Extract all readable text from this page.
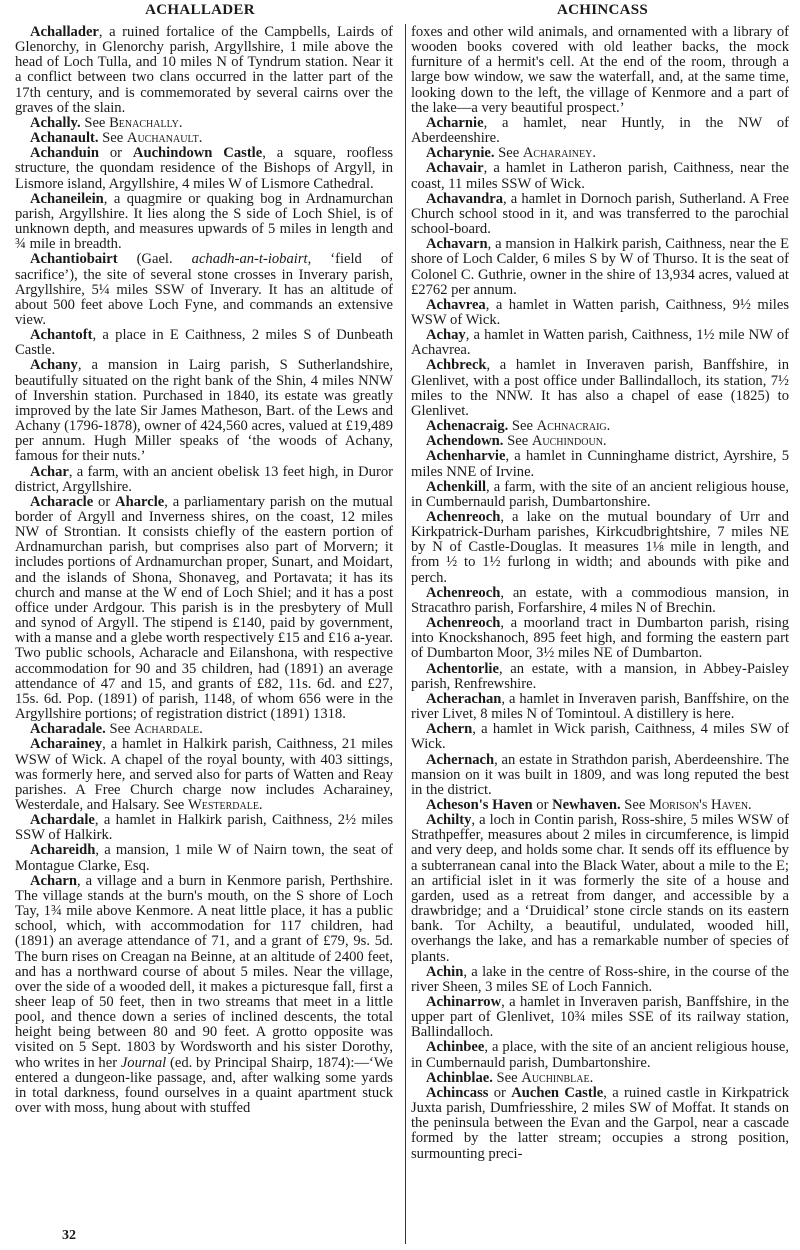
ACHALLADER	ACHINCASS

Achallader, a ruined fortalice of the Campbells, Lairds of Glenorchy, in Glenorchy parish, Argyllshire, 1 mile above the head of Loch Tulla, and 10 miles N of Tyndrum station. Near it a conflict between two clans occurred in the latter part of the 17th century, and is commemorated by several cairns over the graves of the slain.

Achally. See Benachally.

Achanault. See Auchanault.

Achanduin or Auchindown Castle, a square, roofless structure, the quondam residence of the Bishops of Argyll, in Lismore island, Argyllshire, 4 miles W of Lismore Cathedral.

Achaneilein, a quagmire or quaking bog in Ardnamurchan parish, Argyllshire. It lies along the S side of Loch Shiel, is of unknown depth, and measures upwards of 5 miles in length and ¾ mile in breadth.

Achantiobairt (Gael. achadh-an-t-iobairt, ‘field of sacrifice’), the site of several stone crosses in Inverary parish, Argyllshire, 5¼ miles SSW of Inverary. It has an altitude of about 500 feet above Loch Fyne, and commands an extensive view.

Achantoft, a place in E Caithness, 2 miles S of Dunbeath Castle.

Achany, a mansion in Lairg parish, S Sutherlandshire, beautifully situated on the right bank of the Shin, 4 miles NNW of Invershin station. Purchased in 1840, its estate was greatly improved by the late Sir James Matheson, Bart. of the Lews and Achany (1796-1878), owner of 424,560 acres, valued at £19,489 per annum. Hugh Miller speaks of ‘the woods of Achany, famous for their nuts.’

Achar, a farm, with an ancient obelisk 13 feet high, in Duror district, Argyllshire.

Acharacle or Aharcle, a parliamentary parish on the mutual border of Argyll and Inverness shires, on the coast, 12 miles NW of Strontian. It consists chiefly of the eastern portion of Ardnamurchan parish, but comprises also part of Morvern; it includes portions of Ardnamurchan proper, Sunart, and Moidart, and the islands of Shona, Shonaveg, and Portavata; it has its church and manse at the W end of Loch Shiel; and it has a post office under Ardgour. This parish is in the presbytery of Mull and synod of Argyll. The stipend is £140, paid by government, with a manse and a glebe worth respectively £15 and £16 a-year. Two public schools, Acharacle and Eilanshona, with respective accommodation for 90 and 35 children, had (1891) an average attendance of 47 and 15, and grants of £82, 11s. 6d. and £27, 15s. 6d. Pop. (1891) of parish, 1148, of whom 656 were in the Argyllshire portions; of registration district (1891) 1318.

Acharadale. See Achardale.

Acharainey, a hamlet in Halkirk parish, Caithness, 21 miles WSW of Wick. A chapel of the royal bounty, with 403 sittings, was formerly here, and served also for parts of Watten and Reay parishes. A Free Church charge now includes Acharainey, Westerdale, and Halsary. See Westerdale.

Achardale, a hamlet in Halkirk parish, Caithness, 2½ miles SSW of Halkirk.

Achareidh, a mansion, 1 mile W of Nairn town, the seat of Montague Clarke, Esq.

Acharn, a village and a burn in Kenmore parish, Perthshire. The village stands at the burn's mouth, on the S shore of Loch Tay, 1¾ mile above Kenmore. A neat little place, it has a public school, which, with accommodation for 117 children, had (1891) an average attendance of 71, and a grant of £79, 9s. 5d. The burn rises on Creagan na Beinne, at an altitude of 2400 feet, and has a northward course of about 5 miles. Near the village, over the side of a wooded dell, it makes a picturesque fall, first a sheer leap of 50 feet, then in two streams that meet in a little pool, and thence down a series of inclined descents, the total height being between 80 and 90 feet. A grotto opposite was visited on 5 Sept. 1803 by Wordsworth and his sister Dorothy, who writes in her Journal (ed. by Principal Shairp, 1874):—‘We entered a dungeon-like passage, and, after walking some yards in total darkness, found ourselves in a quaint apartment stuck over with moss, hung about with stuffed

foxes and other wild animals, and ornamented with a library of wooden books covered with old leather backs, the mock furniture of a hermit's cell. At the end of the room, through a large bow window, we saw the waterfall, and, at the same time, looking down to the left, the village of Kenmore and a part of the lake—a very beautiful prospect.’

Acharnie, a hamlet, near Huntly, in the NW of Aberdeenshire.

Acharynie. See Acharainey.

Achavair, a hamlet in Latheron parish, Caithness, near the coast, 11 miles SSW of Wick.

Achavandra, a hamlet in Dornoch parish, Sutherland. A Free Church school stood in it, and was transferred to the parochial school-board.

Achavarn, a mansion in Halkirk parish, Caithness, near the E shore of Loch Calder, 6 miles S by W of Thurso. It is the seat of Colonel C. Guthrie, owner in the shire of 13,934 acres, valued at £2762 per annum.

Achavrea, a hamlet in Watten parish, Caithness, 9½ miles WSW of Wick.

Achay, a hamlet in Watten parish, Caithness, 1½ mile NW of Achavrea.

Achbreck, a hamlet in Inveraven parish, Banffshire, in Glenlivet, with a post office under Ballindalloch, its station, 7½ miles to the NNW. It has also a chapel of ease (1825) to Glenlivet.

Achenacraig. See Achnacraig.

Achendown. See Auchindoun.

Achenharvie, a hamlet in Cunninghame district, Ayrshire, 5 miles NNE of Irvine.

Achenkill, a farm, with the site of an ancient religious house, in Cumbernauld parish, Dumbartonshire.

Achenreoch, a lake on the mutual boundary of Urr and Kirkpatrick-Durham parishes, Kirkcudbrightshire, 7 miles NE by N of Castle-Douglas. It measures 1⅛ mile in length, and from ½ to 1½ furlong in width; and abounds with pike and perch.

Achenreoch, an estate, with a commodious mansion, in Stracathro parish, Forfarshire, 4 miles N of Brechin.

Achenreoch, a moorland tract in Dumbarton parish, rising into Knockshanoch, 895 feet high, and forming the eastern part of Dumbarton Moor, 3½ miles NE of Dumbarton.

Achentorlie, an estate, with a mansion, in Abbey-Paisley parish, Renfrewshire.

Acherachan, a hamlet in Inveraven parish, Banffshire, on the river Livet, 8 miles N of Tomintoul. A distillery is here.

Achern, a hamlet in Wick parish, Caithness, 4 miles SW of Wick.

Achernach, an estate in Strathdon parish, Aberdeenshire. The mansion on it was built in 1809, and was long reputed the best in the district.

Acheson's Haven or Newhaven. See Morison's Haven.

Achilty, a loch in Contin parish, Ross-shire, 5 miles WSW of Strathpeffer, measures about 2 miles in circumference, is limpid and very deep, and holds some char. It sends off its effluence by a subterranean canal into the Black Water, about a mile to the E; an artificial islet in it was formerly the site of a house and garden, used as a retreat from danger, and accessible by a drawbridge; and a ‘Druidical’ stone circle stands on its eastern bank. Tor Achilty, a beautiful, undulated, wooded hill, overhangs the lake, and has a remarkable number of species of plants.

Achin, a lake in the centre of Ross-shire, in the course of the river Sheen, 3 miles SE of Loch Fannich.

Achinarrow, a hamlet in Inveraven parish, Banffshire, in the upper part of Glenlivet, 10¾ miles SSE of its railway station, Ballindalloch.

Achinbee, a place, with the site of an ancient religious house, in Cumbernauld parish, Dumbartonshire.

Achinblae. See Auchinblae.

Achincass or Auchen Castle, a ruined castle in Kirkpatrick Juxta parish, Dumfriesshire, 2 miles SW of Moffat. It stands on the peninsula between the Evan and the Garpol, near a cascade formed by the latter stream; occupies a strong position, surmounting preci-

32
